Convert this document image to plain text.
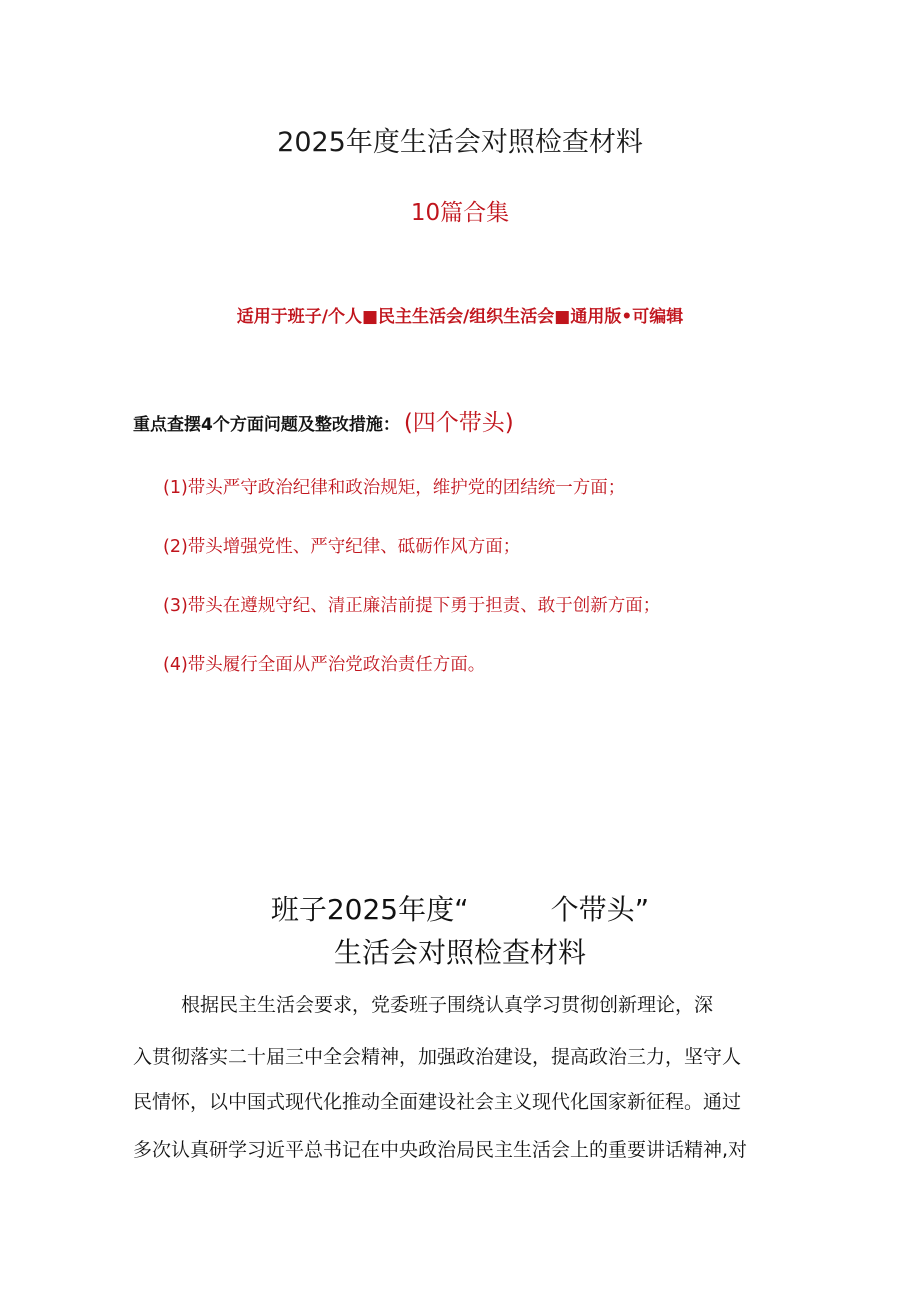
2025年度生活会对照检查材料
10篇合集
适用于班子/个人■民主生活会/组织生活会■通用版•可编辑
重点查摆4个方面问题及整改措施： (四个带头)
(1)带头严守政治纪律和政治规矩，维护党的团结统一方面；
(2)带头增强党性、严守纪律、砥砺作风方面；
(3)带头在遵规守纪、清正廉洁前提下勇于担责、敢于创新方面；
(4)带头履行全面从严治党政治责任方面。
班子2025年度“	个带头”
生活会对照检查材料
根据民主生活会要求，党委班子围绕认真学习贯彻创新理论，深
入贯彻落实二十届三中全会精神，加强政治建设，提高政治三力，坚守人
民情怀，以中国式现代化推动全面建设社会主义现代化国家新征程。通过
多次认真研学习近平总书记在中央政治局民主生活会上的重要讲话精神,对
